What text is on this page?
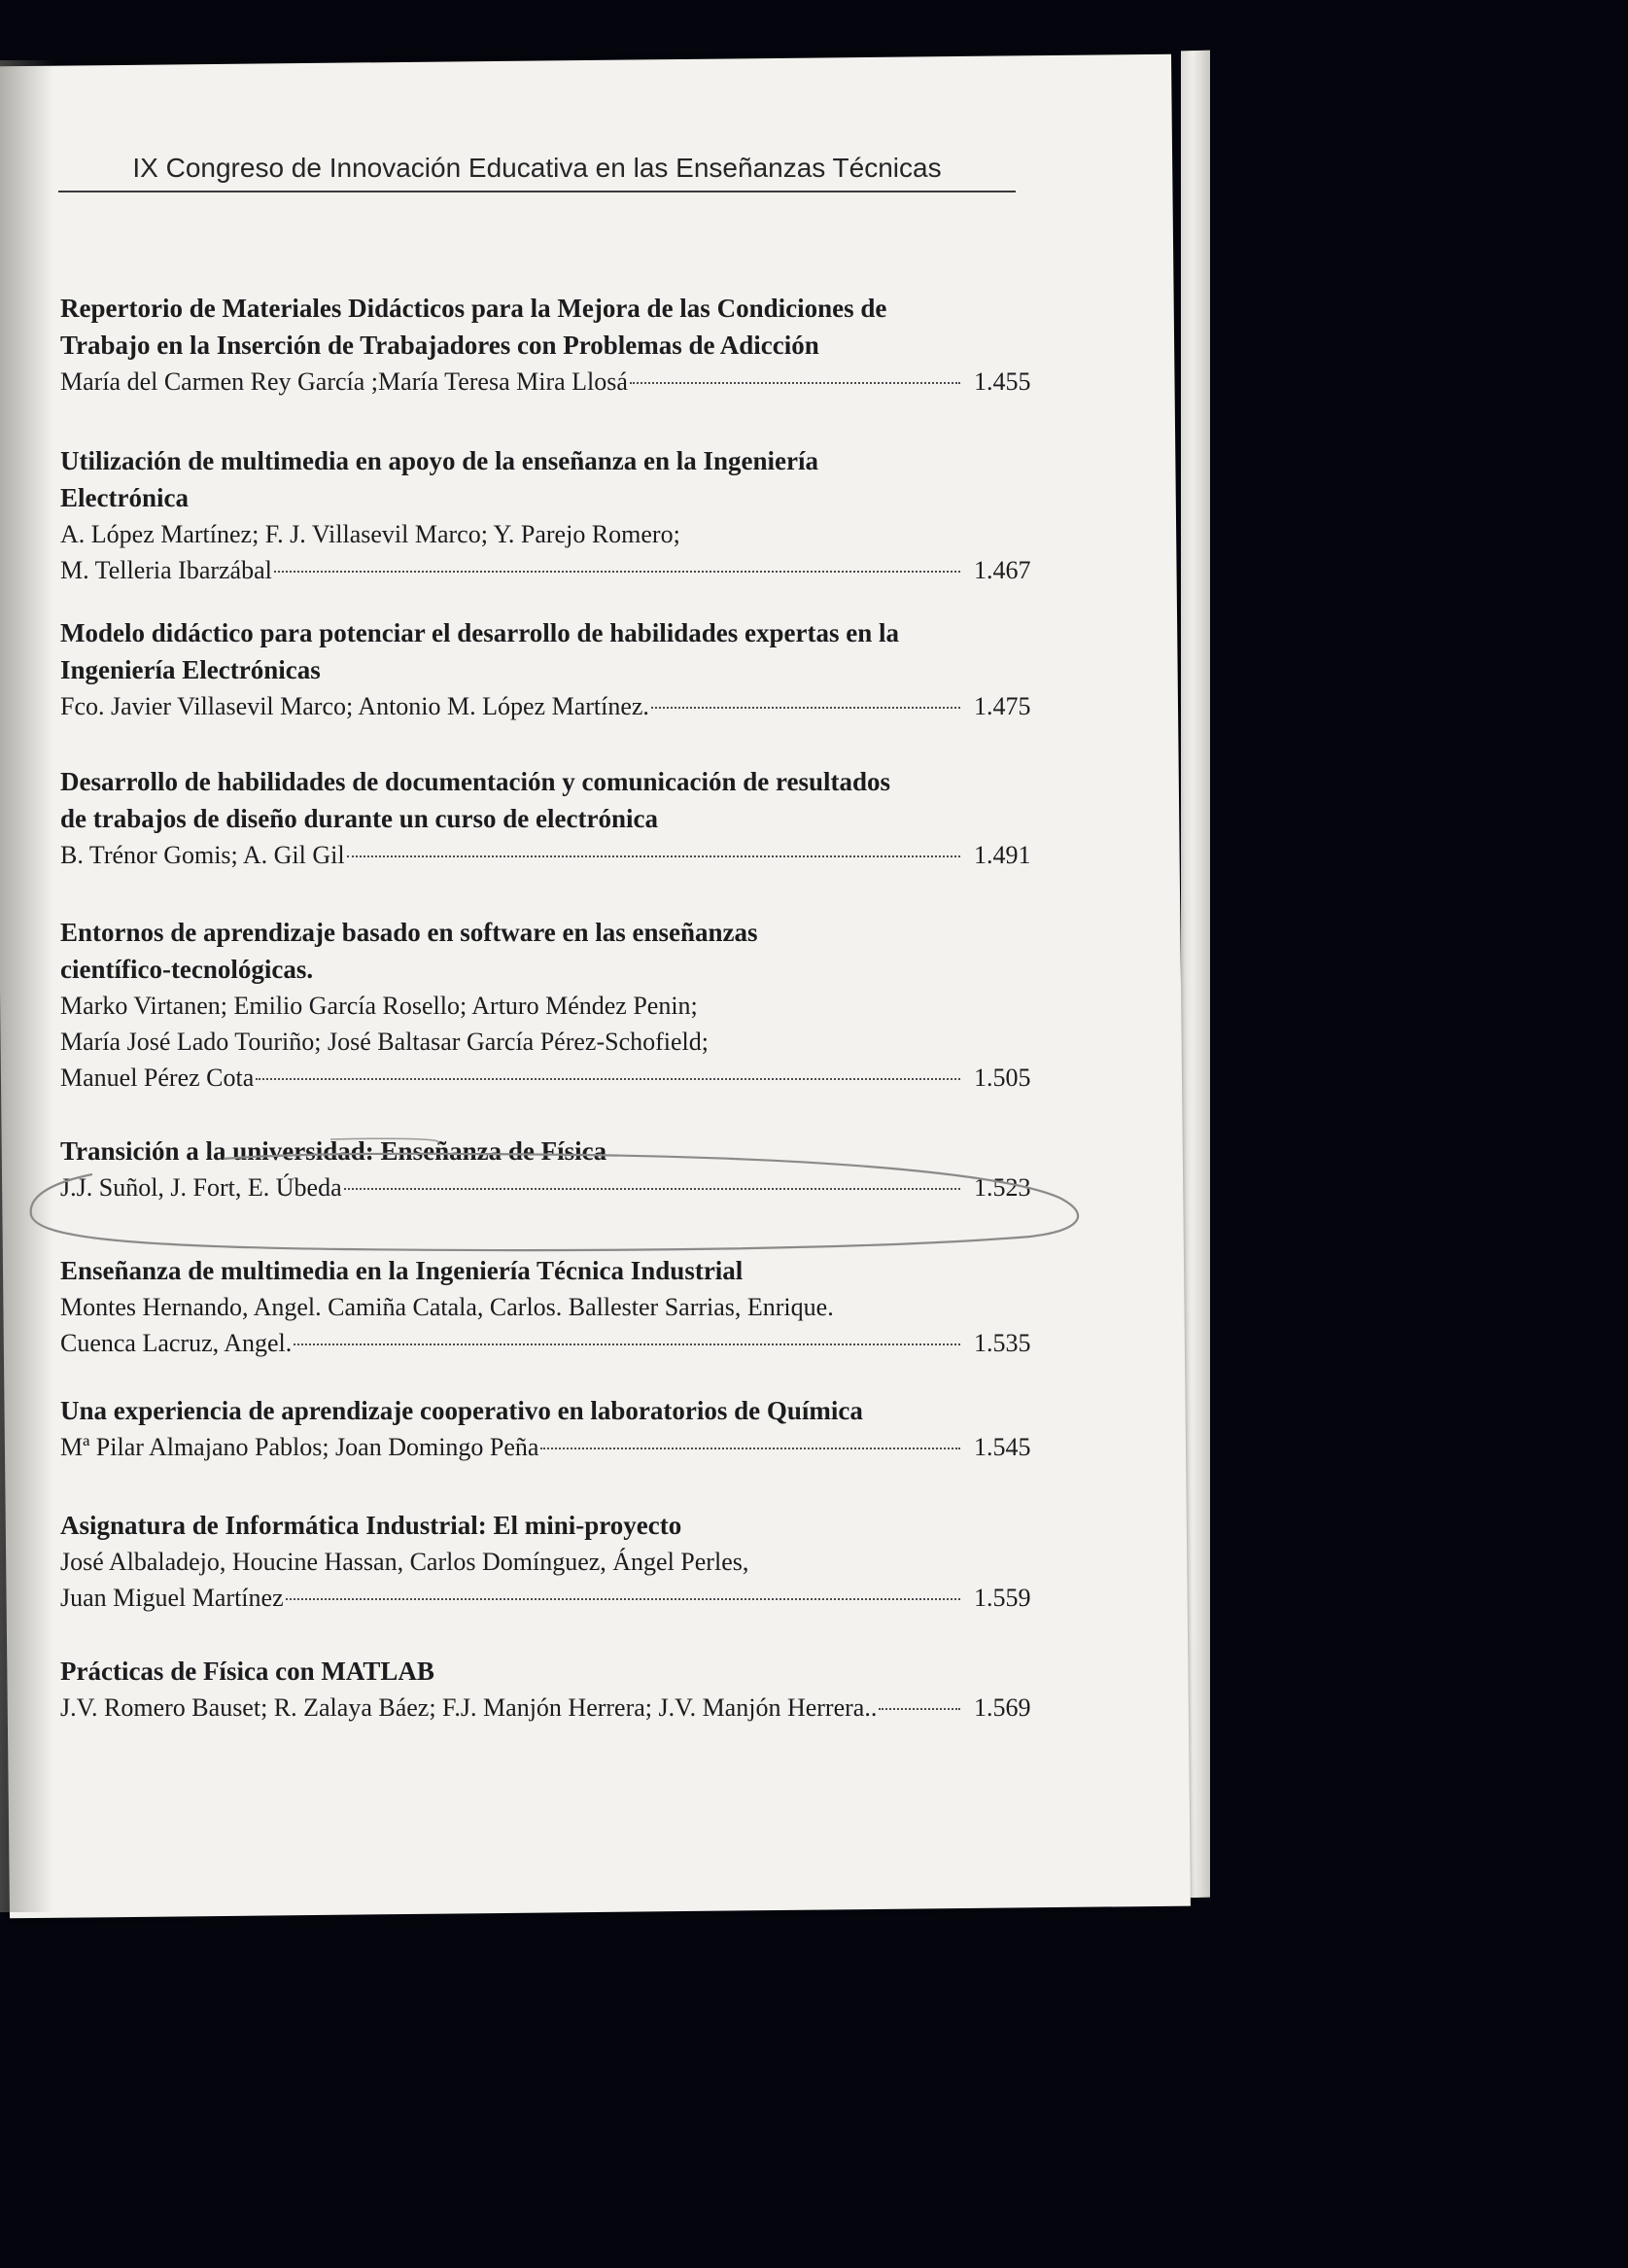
IX Congreso de Innovación Educativa en las Enseñanzas Técnicas
Repertorio de Materiales Didácticos para la Mejora de las Condiciones de
Trabajo en la Inserción de Trabajadores con Problemas de Adicción
María del Carmen Rey García ;María Teresa Mira Llosá	1.455
Utilización de multimedia en apoyo de la enseñanza en la Ingeniería
Electrónica
A. López Martínez; F. J. Villasevil Marco; Y. Parejo Romero;
M. Telleria Ibarzábal	1.467
Modelo didáctico para potenciar el desarrollo de habilidades expertas en la
Ingeniería Electrónicas
Fco. Javier Villasevil Marco; Antonio M. López Martínez.	1.475
Desarrollo de habilidades de documentación y comunicación de resultados
de trabajos de diseño durante un curso de electrónica
B. Trénor Gomis; A. Gil Gil	1.491
Entornos de aprendizaje basado en software en las enseñanzas
científico-tecnológicas.
Marko Virtanen; Emilio García Rosello; Arturo Méndez Penin;
María José Lado Touriño; José Baltasar García Pérez-Schofield;
Manuel Pérez Cota	1.505
Transición a la universidad: Enseñanza de Física
J.J. Suñol, J. Fort, E. Úbeda	1.523
Enseñanza de multimedia en la Ingeniería Técnica Industrial
Montes Hernando, Angel. Camiña Catala, Carlos. Ballester Sarrias, Enrique.
Cuenca Lacruz, Angel.	1.535
Una experiencia de aprendizaje cooperativo en laboratorios de Química
Mª Pilar Almajano Pablos; Joan Domingo Peña	1.545
Asignatura de Informática Industrial: El mini-proyecto
José Albaladejo, Houcine Hassan, Carlos Domínguez, Ángel Perles,
Juan Miguel Martínez	1.559
Prácticas de Física con MATLAB
J.V. Romero Bauset; R. Zalaya Báez; F.J. Manjón Herrera; J.V. Manjón Herrera..	1.569
